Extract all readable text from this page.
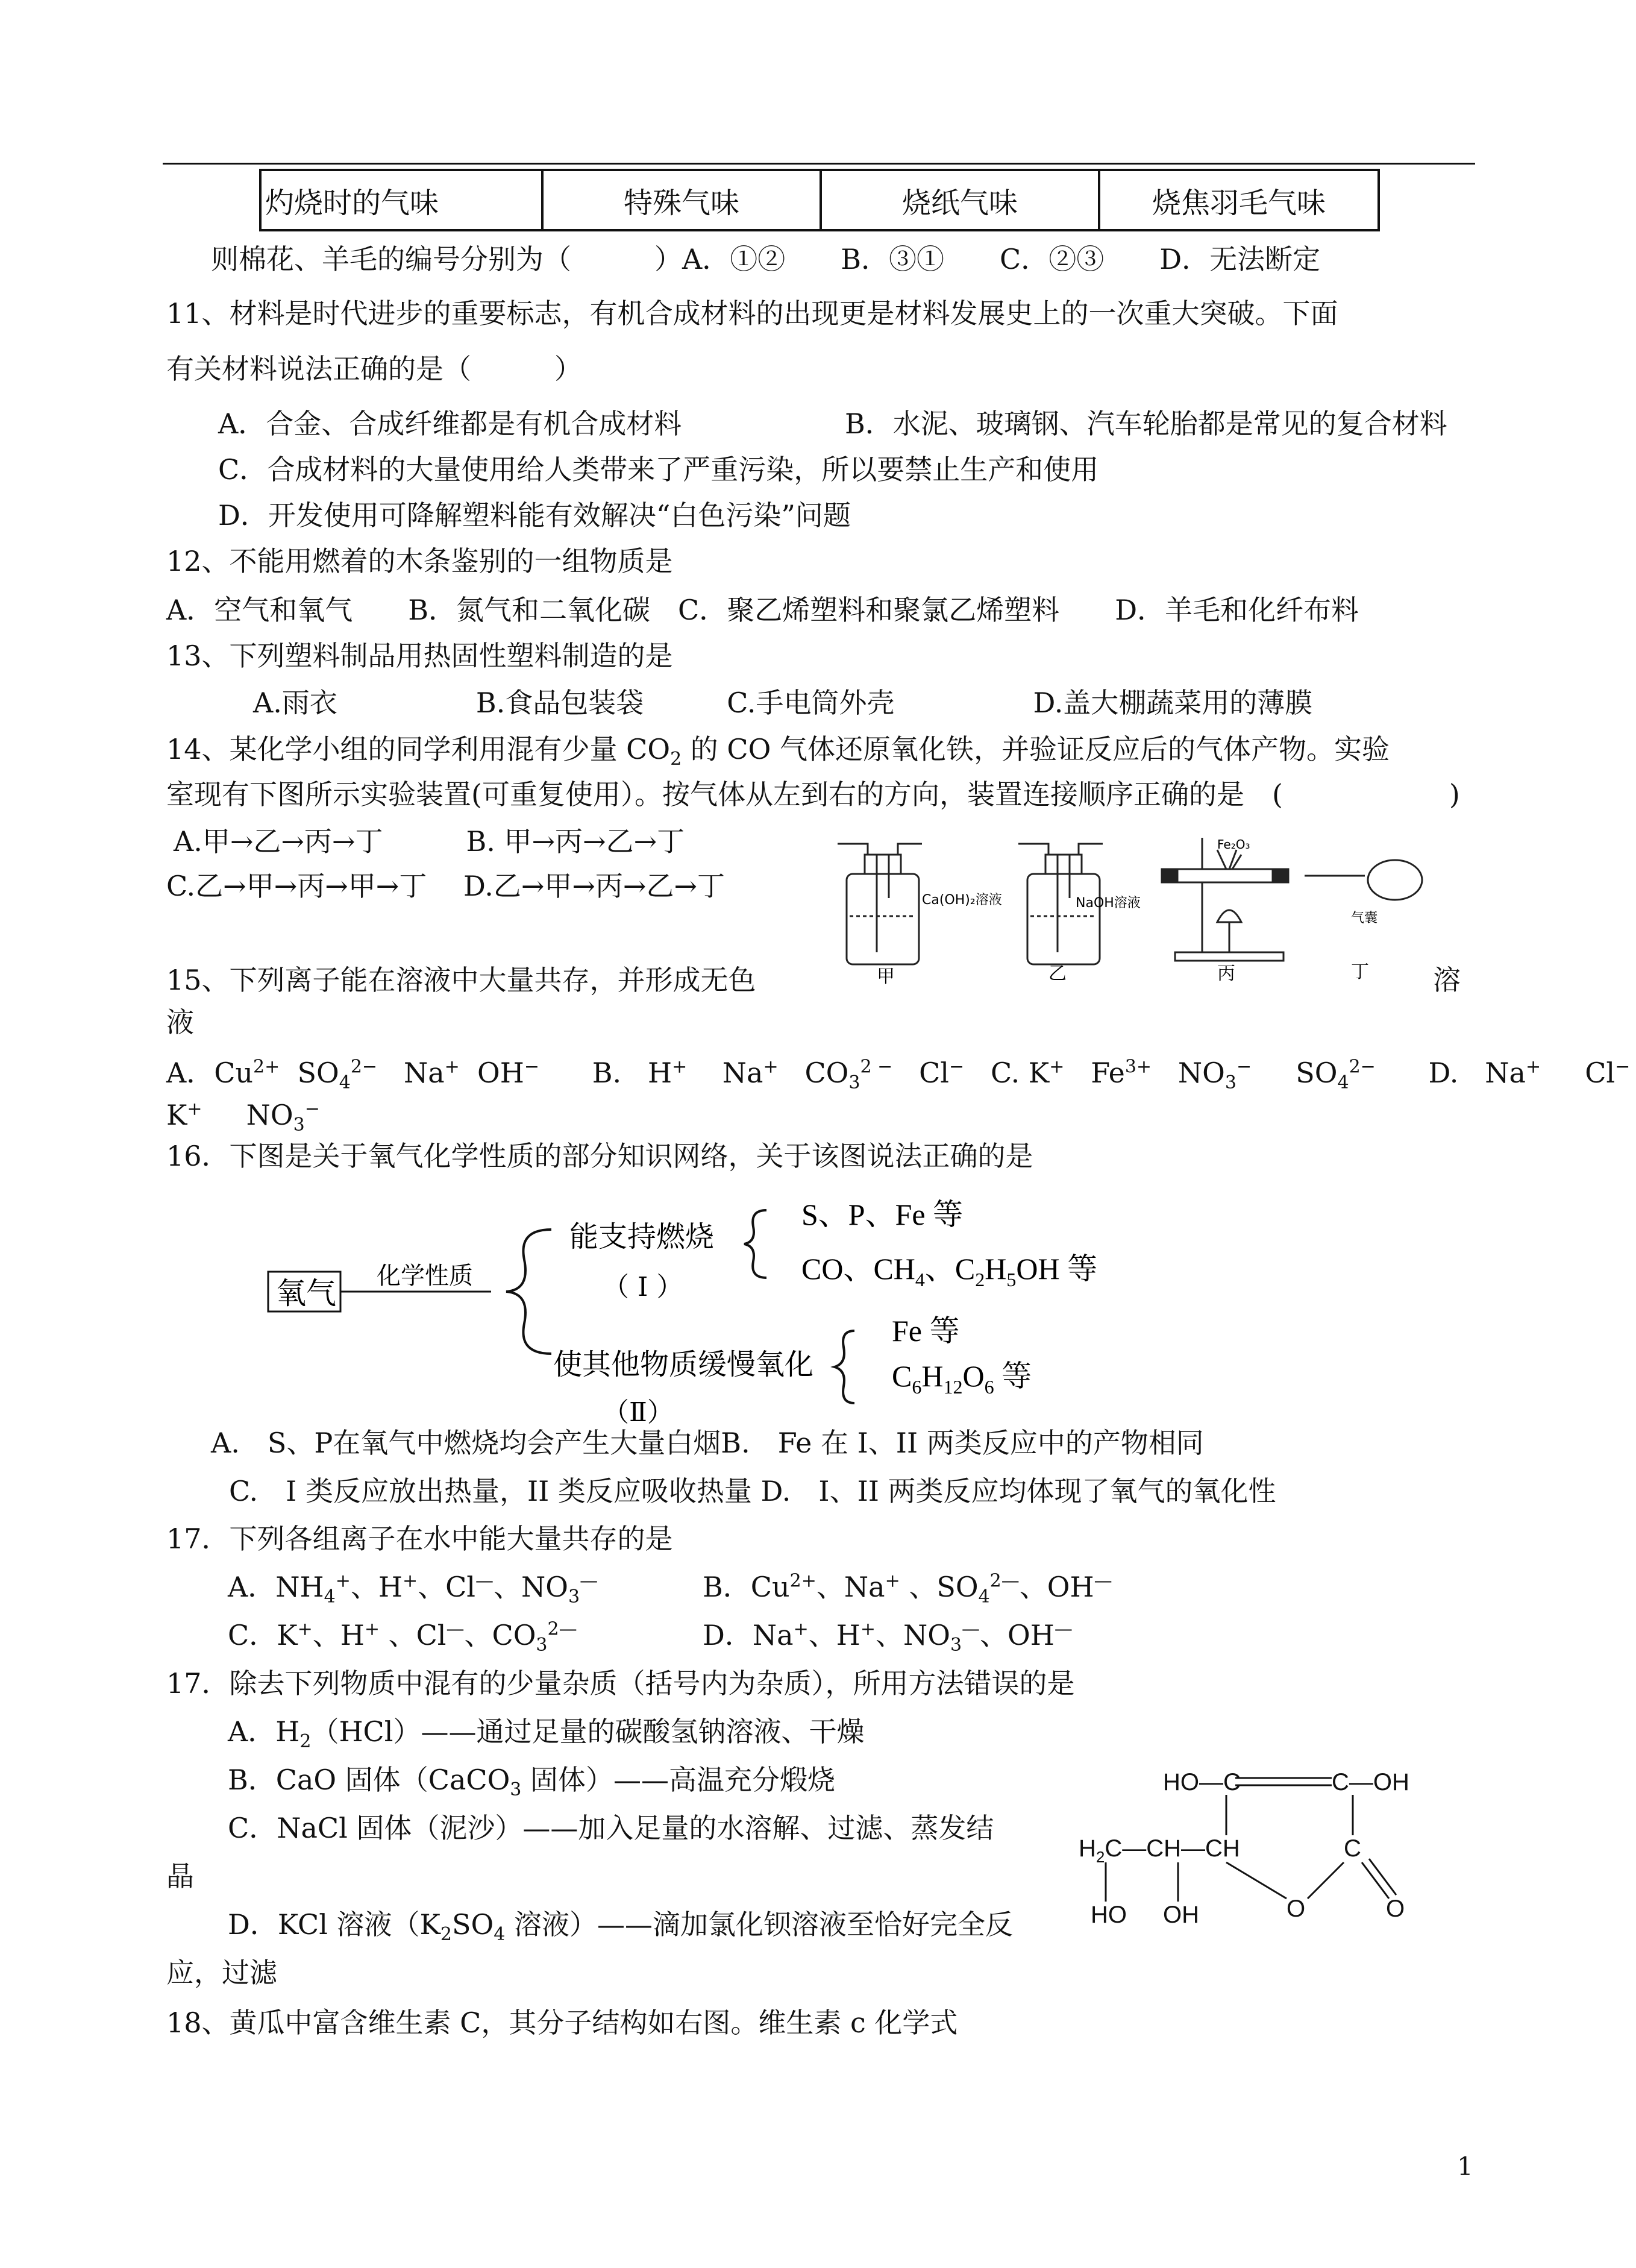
灼烧时的气味	特殊气味	烧纸气味	烧焦羽毛气味
则棉花、羊毛的编号分别为（　　　）A．①②　　B．③①　　C．②③　　D．无法断定
11、材料是时代进步的重要标志，有机合成材料的出现更是材料发展史上的一次重大突破。下面
有关材料说法正确的是（　　　）
A．合金、合成纤维都是有机合成材料	B．水泥、玻璃钢、汽车轮胎都是常见的复合材料
C．合成材料的大量使用给人类带来了严重污染，所以要禁止生产和使用
D．开发使用可降解塑料能有效解决“白色污染”问题
12、不能用燃着的木条鉴别的一组物质是
A．空气和氧气　　B．氮气和二氧化碳　C．聚乙烯塑料和聚氯乙烯塑料　　D．羊毛和化纤布料
13、下列塑料制品用热固性塑料制造的是
A.雨衣　　　　　B.食品包装袋　　　C.手电筒外壳　　　　　D.盖大棚蔬菜用的薄膜
14、某化学小组的同学利用混有少量 $CO_2$ 的 CO 气体还原氧化铁，并验证反应后的气体产物。实验
室现有下图所示实验装置(可重复使用）。按气体从左到右的方向，装置连接顺序正确的是　(　　　　　　)
A.甲→乙→丙→丁　　　B. 甲→丙→乙→丁
C.乙→甲→丙→甲→丁　 D.乙→甲→丙→乙→丁	Ca(OH)₂溶液
甲
NaOH溶液
乙
Fe₂O₃
丙
气囊
丁
15、下列离子能在溶液中大量共存，并形成无色	溶
液
A．$Cu^{2+}$  $SO_4^{2-}$   Na+  OH−      B.   H+    Na+   $CO_3^{2 -}$   Cl−   C. K+   $Fe^{3+}$   $NO_3^-$     $SO_4^{2-}$      D.   Na+     Cl−
K+ $NO_3^-$
16．下图是关于氧气化学性质的部分知识网络，关于该图说法正确的是
氧气
化学性质
能支持燃烧
（ I ）
S、P、Fe 等
CO、$CH_4$、$C_2H_5OH$ 等
使其他物质缓慢氧化
Fe 等
$C_6H_{12}O_6$ 等
（Ⅱ）
A.　S、P在氧气中燃烧均会产生大量白烟B.　Fe 在 I、II 两类反应中的产物相同
C.　I 类反应放出热量，II 类反应吸收热量 D.　I、II 两类反应均体现了氧气的氧化性
17．下列各组离子在水中能大量共存的是
A．$NH_4^+$、H+、Cl—、$NO_3^—$	B．$Cu^{2+}$、Na+ 、$SO_4^{2—}$、OH—
C．K+、H+ 、Cl—、$CO_3^{2—}$	D．Na+、H+、$NO_3^—$、OH—
17．除去下列物质中混有的少量杂质（括号内为杂质），所用方法错误的是
A．$H_2(HCl)——$通过足量的碳酸氢钠溶液、干燥
B．CaO 固体（CaCO$_3$ 固体）——高温充分煅烧
C．NaCl 固体（泥沙）——加入足量的水溶解、过滤、蒸发结
晶
D．KCl 溶液（$K_2SO_4$ 溶液）——滴加氯化钡溶液至恰好完全反
应，过滤
HO—C	C—OH
$H_2C—CH—CH$	C
HO OH	O	O
18、黄瓜中富含维生素 C，其分子结构如右图。维生素 c 化学式
1
